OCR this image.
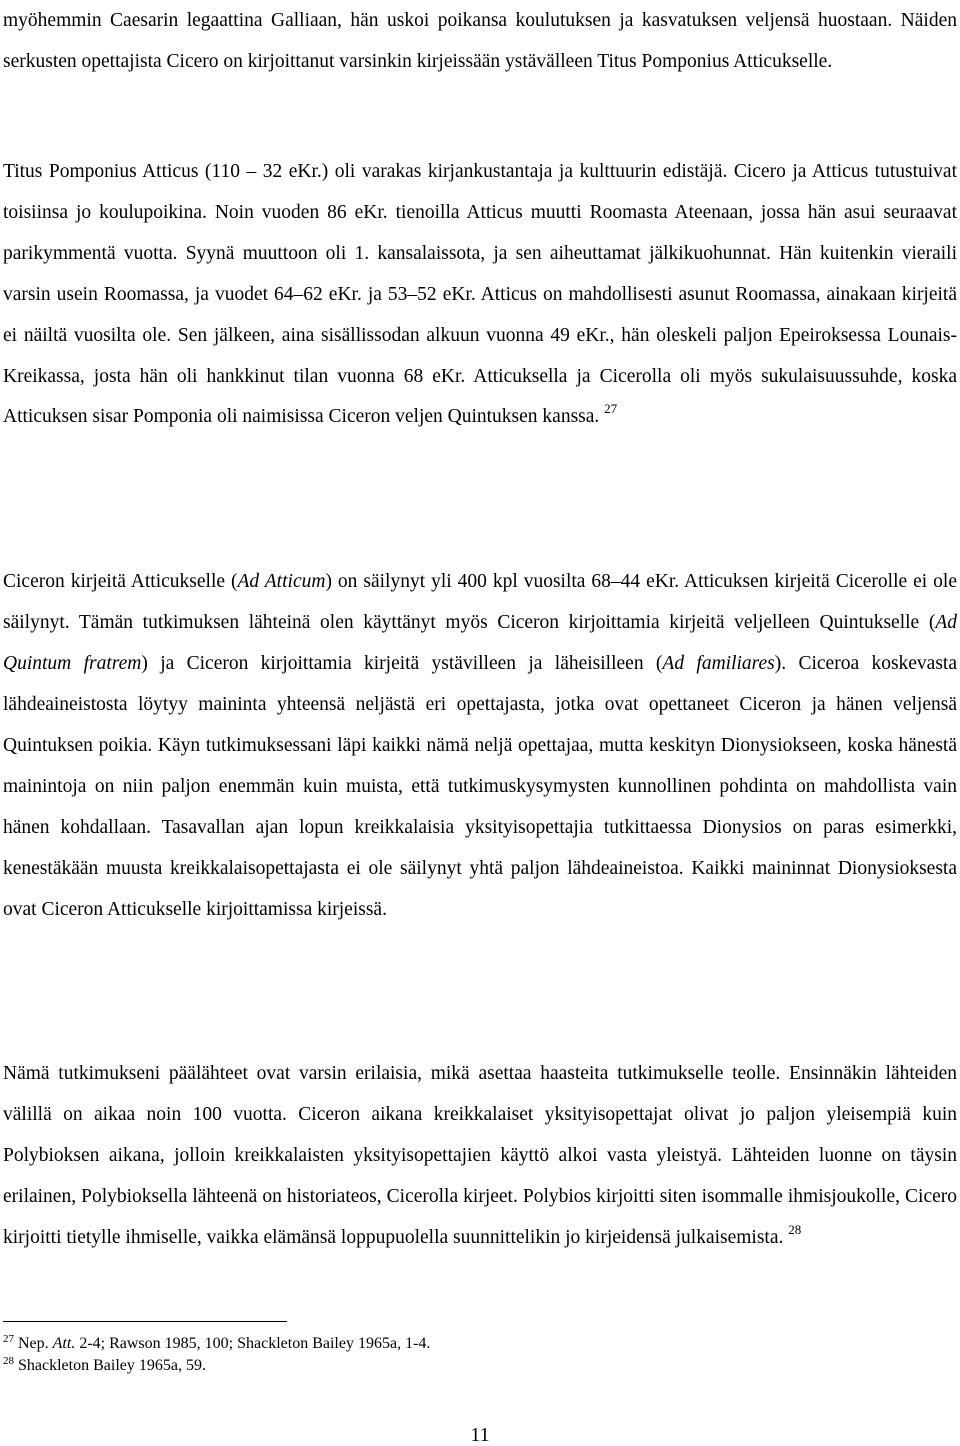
myöhemmin Caesarin legaattina Galliaan, hän uskoi poikansa koulutuksen ja kasvatuksen veljensä huostaan. Näiden serkusten opettajista Cicero on kirjoittanut varsinkin kirjeissään ystävälleen Titus Pomponius Atticukselle.

Titus Pomponius Atticus (110 – 32 eKr.) oli varakas kirjankustantaja ja kulttuurin edistäjä. Cicero ja Atticus tutustuivat toisiinsa jo koulupoikina. Noin vuoden 86 eKr. tienoilla Atticus muutti Roomasta Ateenaan, jossa hän asui seuraavat parikymmentä vuotta. Syynä muuttoon oli 1. kansalaissota, ja sen aiheuttamat jälkikuohunnat. Hän kuitenkin vieraili varsin usein Roomassa, ja vuodet 64–62 eKr. ja 53–52 eKr. Atticus on mahdollisesti asunut Roomassa, ainakaan kirjeitä ei näiltä vuosilta ole. Sen jälkeen, aina sisällissodan alkuun vuonna 49 eKr., hän oleskeli paljon Epeiroksessa Lounais-Kreikassa, josta hän oli hankkinut tilan vuonna 68 eKr. Atticuksella ja Cicerolla oli myös sukulaisuussuhde, koska Atticuksen sisar Pomponia oli naimisissa Ciceron veljen Quintuksen kanssa. $^{27}$

Ciceron kirjeitä Atticukselle (Ad Atticum) on säilynyt yli 400 kpl vuosilta 68–44 eKr. Atticuksen kirjeitä Cicerolle ei ole säilynyt. Tämän tutkimuksen lähteinä olen käyttänyt myös Ciceron kirjoittamia kirjeitä veljelleen Quintukselle (Ad Quintum fratrem) ja Ciceron kirjoittamia kirjeitä ystävilleen ja läheisilleen (Ad familiares). Ciceroa koskevasta lähdeaineistosta löytyy maininta yhteensä neljästä eri opettajasta, jotka ovat opettaneet Ciceron ja hänen veljensä Quintuksen poikia. Käyn tutkimuksessani läpi kaikki nämä neljä opettajaa, mutta keskityn Dionysiokseen, koska hänestä mainintoja on niin paljon enemmän kuin muista, että tutkimuskysymysten kunnollinen pohdinta on mahdollista vain hänen kohdallaan. Tasavallan ajan lopun kreikkalaisia yksityisopettajia tutkittaessa Dionysios on paras esimerkki, kenestäkään muusta kreikkalaisopettajasta ei ole säilynyt yhtä paljon lähdeaineistoa. Kaikki maininnat Dionysioksesta ovat Ciceron Atticukselle kirjoittamissa kirjeissä.

Nämä tutkimukseni päälähteet ovat varsin erilaisia, mikä asettaa haasteita tutkimukselle teolle. Ensinnäkin lähteiden välillä on aikaa noin 100 vuotta. Ciceron aikana kreikkalaiset yksityisopettajat olivat jo paljon yleisempiä kuin Polybioksen aikana, jolloin kreikkalaisten yksityisopettajien käyttö alkoi vasta yleistyä. Lähteiden luonne on täysin erilainen, Polybioksella lähteenä on historiateos, Cicerolla kirjeet. Polybios kirjoitti siten isommalle ihmisjoukolle, Cicero kirjoitti tietylle ihmiselle, vaikka elämänsä loppupuolella suunnittelikin jo kirjeidensä julkaisemista. $^{28}$

$^{27}$ Nep. Att. 2-4; Rawson 1985, 100; Shackleton Bailey 1965a, 1-4.

$^{28}$ Shackleton Bailey 1965a, 59.

11
